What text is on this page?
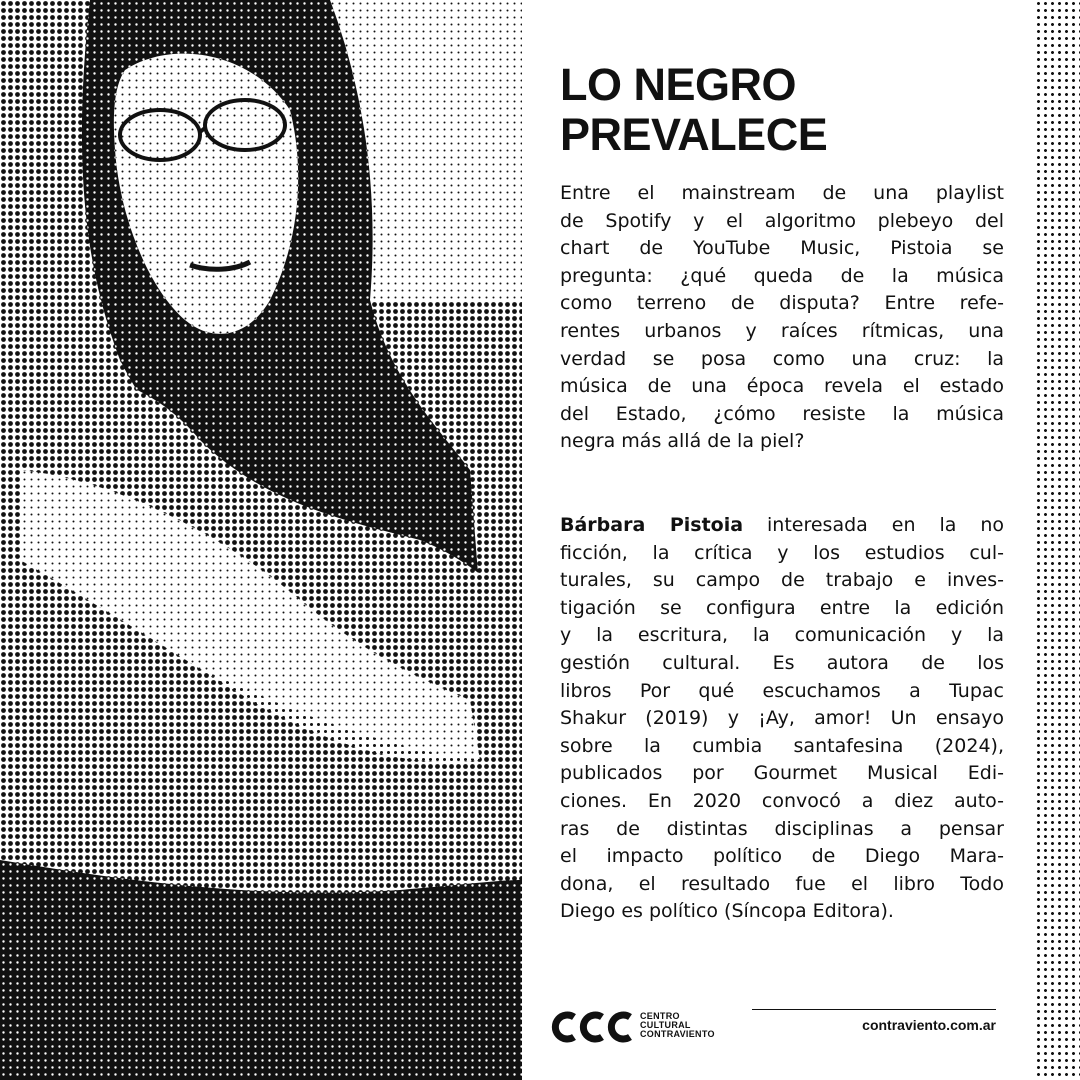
LO NEGRO
PREVALECE

Entre el mainstream de una playlist
de Spotify y el algoritmo plebeyo del
chart de YouTube Music, Pistoia se
pregunta: ¿qué queda de la música
como terreno de disputa? Entre refe-
rentes urbanos y raíces rítmicas, una
verdad se posa como una cruz: la
música de una época revela el estado
del Estado, ¿cómo resiste la música
negra más allá de la piel?

Bárbara Pistoia interesada en la no
ficción, la crítica y los estudios cul-
turales, su campo de trabajo e inves-
tigación se configura entre la edición
y la escritura, la comunicación y la
gestión cultural. Es autora de los
libros Por qué escuchamos a Tupac
Shakur (2019) y ¡Ay, amor! Un ensayo
sobre la cumbia santafesina (2024),
publicados por Gourmet Musical Edi-
ciones. En 2020 convocó a diez auto-
ras de distintas disciplinas a pensar
el impacto político de Diego Mara-
dona, el resultado fue el libro Todo
Diego es político (Síncopa Editora).

CENTRO
CULTURAL
CONTRAVIENTO
contraviento.com.ar
